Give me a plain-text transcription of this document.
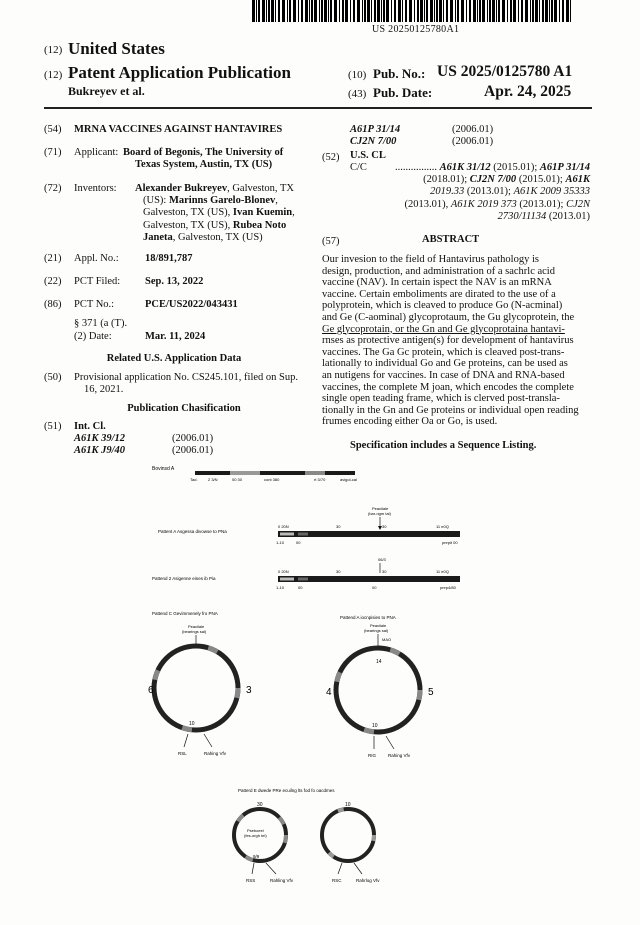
US 20250125780A1
(12) United States
(12) Patent Application Publication
Bukreyev et al.
(10) Pub. No.: US 2025/0125780 A1
(43) Pub. Date:	Apr. 24, 2025
(54) MRNA VACCINES AGAINST HANTAVIRES
(71) Applicant: Board of Begonis, The University of
Texas System, Austin, TX (US)
(72) Inventors: Alexander Bukreyev, Galveston, TX
(US): Marinns Garelo-Blonev,
Galveston, TX (US), Ivan Kuemin,
Galveston, TX (US), Rubea Noto
Janeta, Galveston, TX (US)
(21) Appl. No.:	18/891,787
(22) PCT Filed: Sep. 13, 2022
(86) PCT No.:	PCE/US2022/043431
§ 371 (a (T).
(2) Date:	Mar. 11, 2024
Related U.S. Application Data
(50) Provisional application No. CS245.101, filed on Sup.
16, 2021.
Publication Chasification
(51) Int. Cl.
A61K 39/12	(2006.01)
A61K J9/40	(2006.01)
A61P 31/14	(2006.01)
CJ2N 7/00	(2006.01)
(52) U.S. CL
C/C	................ A61K 31/12 (2015.01); A61P 31/14
(2018.01); CJ2N 7/00 (2015.01); A61K
2019.33 (2013.01); A61K 2009 35333
(2013.01), A61K 2019 373 (2013.01); CJ2N
2730/11134 (2013.01)
(57)	ABSTRACT
Our invesion to the field of Hantavirus pathology is
design, production, and administration of a sachrlc acid
vaccine (NAV). In certain ispect the NAV is an mRNA
vaccine. Certain emboliments are dirated to the use of a
polyprotein, which is cleaved to produce Go (N-acminal)
and Ge (C-aominal) glycoprotaum, the Gu glycoprotein, the
Ge glycoprotain, or the Gn and Ge glycoprotaina hantavi-
rnses as protective antigen(s) for development of hantavirus
vaccines. The Ga Gc protein, which is cleaved post-trans-
lationally to individual Go and Ge proteins, can be used as
an nutigens for vaccines. In case of DNA and RNA-based
vaccines, the complete M joan, which encodes the complete
single open teading frame, which is clerved post-transla-
tionally in the Gn and Ge proteins or individual open reading
frumes encoding either Oa or Go, is used.
Specification includes a Sequence Listing.
Bovinsd A
Tad.	2 3/N	00 30	cont 380	rt 3/70	avigol-cal
Pattent A Asgessa divowse to PNa
Peacilale
(bar-ngm tal)
0 20N	30	30	11 e0Q
1-10	00	prepit 00
Pattend 2 Asigenne eines ib Pia
06/3
0 20N	30	30	11 e0Q
1-10	00	00	prep4/80
Pattend C Gevimmenely fro PNA
Peacilale
(bearings sal)
6	3
10
RSL	Rahing Vfv
Pattend A iocnpisies to PNA
Peacilale
(bearings sal)
MAO
14
4	5
10
RIG	Rahing Vfv
Patterd E dwede PRe ecuilng lts fod fo oacdmes
30
Pseboeel
(fes-orgh tel)
9/9
RSS	Rahling Vfv
10
RSC	Rahrlog Vfv
